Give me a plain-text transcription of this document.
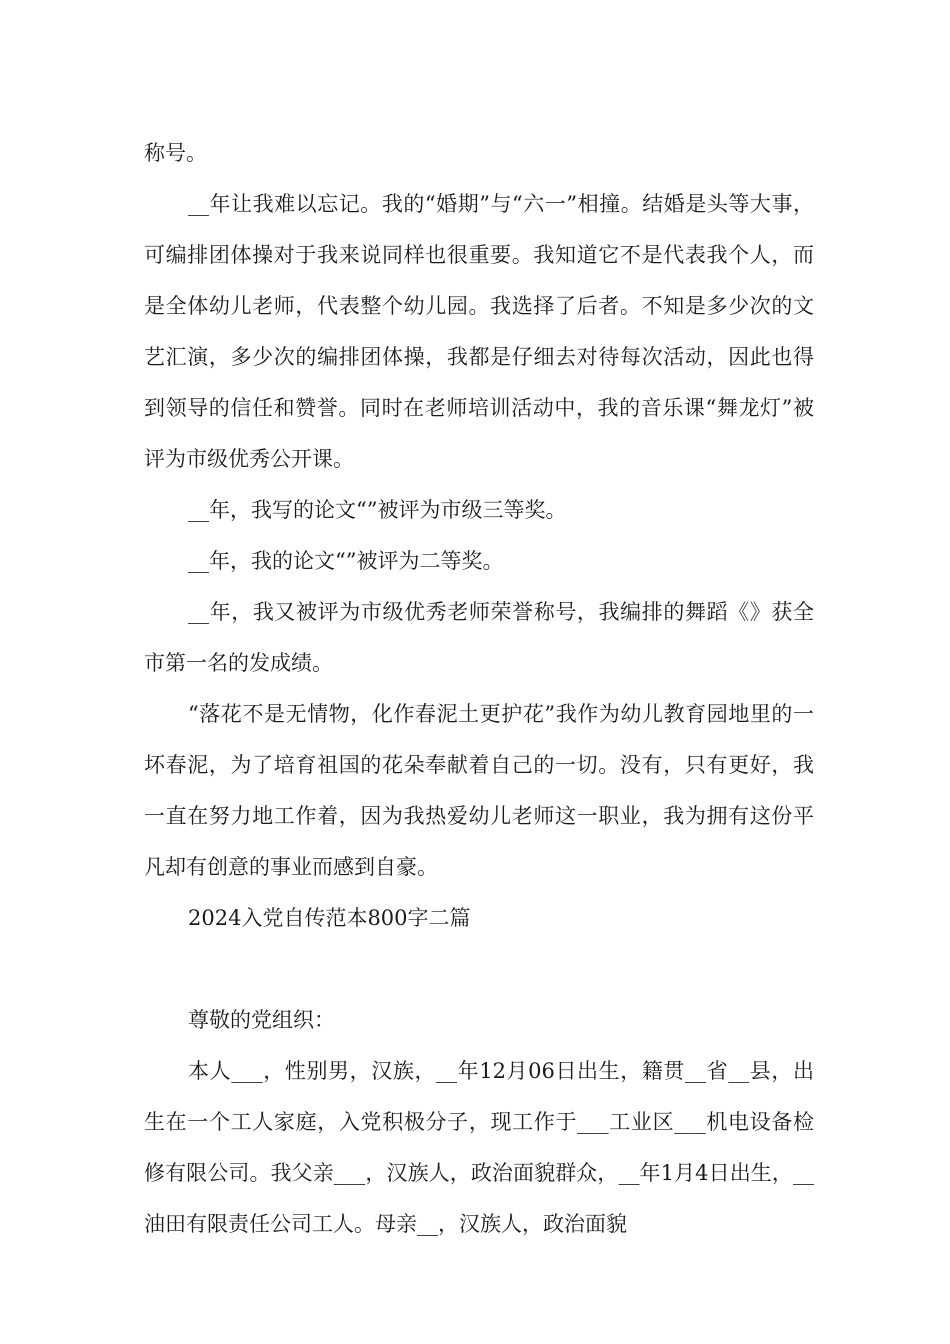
称号。

__年让我难以忘记。我的“婚期”与“六一”相撞。结婚是头等大事，可编排团体操对于我来说同样也很重要。我知道它不是代表我个人，而是全体幼儿老师，代表整个幼儿园。我选择了后者。不知是多少次的文艺汇演，多少次的编排团体操，我都是仔细去对待每次活动，因此也得到领导的信任和赞誉。同时在老师培训活动中，我的音乐课“舞龙灯”被评为市级优秀公开课。

__年，我写的论文“”被评为市级三等奖。

__年，我的论文“”被评为二等奖。

__年，我又被评为市级优秀老师荣誉称号，我编排的舞蹈《》获全市第一名的发成绩。

“落花不是无情物，化作春泥土更护花”我作为幼儿教育园地里的一坏春泥，为了培育祖国的花朵奉献着自己的一切。没有，只有更好，我一直在努力地工作着，因为我热爱幼儿老师这一职业，我为拥有这份平凡却有创意的事业而感到自豪。

2024入党自传范本800字二篇

尊敬的党组织：

本人___，性别男，汉族，__年12月06日出生，籍贯__省__县，出生在一个工人家庭，入党积极分子，现工作于___工业区___机电设备检修有限公司。我父亲___，汉族人，政治面貌群众，__年1月4日出生，__油田有限责任公司工人。母亲__，汉族人，政治面貌
